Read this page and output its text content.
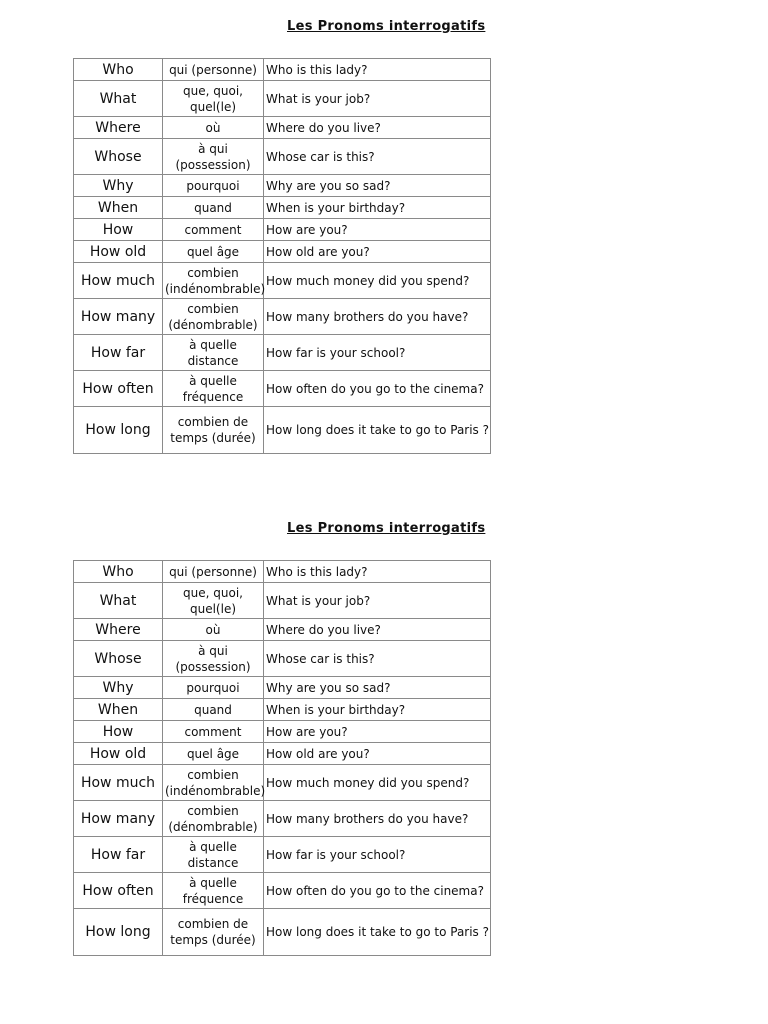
Les Pronoms interrogatifs
Who	qui (personne)	Who is this lady?
What	que, quoi, quel(le)	What is your job?
Where	où	Where do you live?
Whose	à qui (possession)	Whose car is this?
Why	pourquoi	Why are you so sad?
When	quand	When is your birthday?
How	comment	How are you?
How old	quel âge	How old are you?
How much	combien (indénombrable)	How much money did you spend?
How many	combien (dénombrable)	How many brothers do you have?
How far	à quelle distance	How far is your school?
How often	à quelle fréquence	How often do you go to the cinema?
How long	combien de temps (durée)	How long does it take to go to Paris ?
Les Pronoms interrogatifs
Who	qui (personne)	Who is this lady?
What	que, quoi, quel(le)	What is your job?
Where	où	Where do you live?
Whose	à qui (possession)	Whose car is this?
Why	pourquoi	Why are you so sad?
When	quand	When is your birthday?
How	comment	How are you?
How old	quel âge	How old are you?
How much	combien (indénombrable)	How much money did you spend?
How many	combien (dénombrable)	How many brothers do you have?
How far	à quelle distance	How far is your school?
How often	à quelle fréquence	How often do you go to the cinema?
How long	combien de temps (durée)	How long does it take to go to Paris ?
